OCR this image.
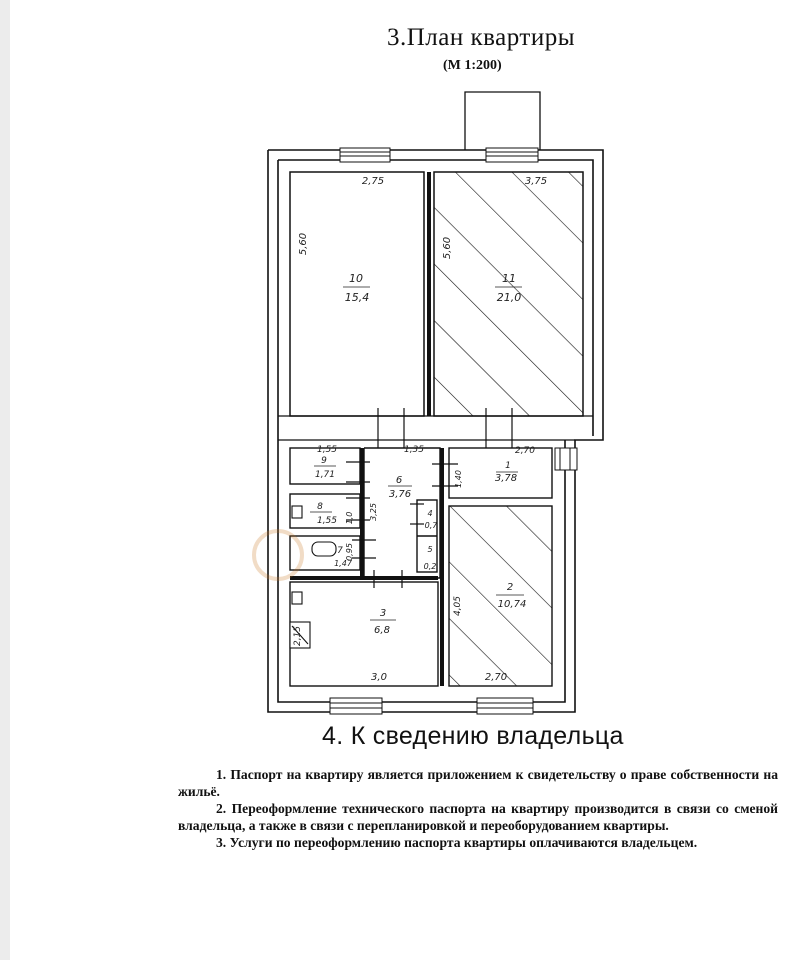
3.План квартиры
(М 1:200)
10
15,4
11
21,0
9
1,71
8
1,55
7
1,47
6
3,76
4
0,7
5
0,2
1
3,78
2
10,74
3
6,8
2,75	3,75
5,60	5,60
1,55	1,35	2,70
1,40
3,25
1,0
0,95
4,05
2,15
3,0	2,70
4. К сведению владельца

1. Паспорт на квартиру является приложением к свидетельству о праве собственности на жильё.

2. Переоформление технического паспорта на квартиру производится в связи со сменой владельца, а также в связи с перепланировкой и переоборудованием квартиры.

3. Услуги по переоформлению паспорта квартиры оплачиваются владельцем.
